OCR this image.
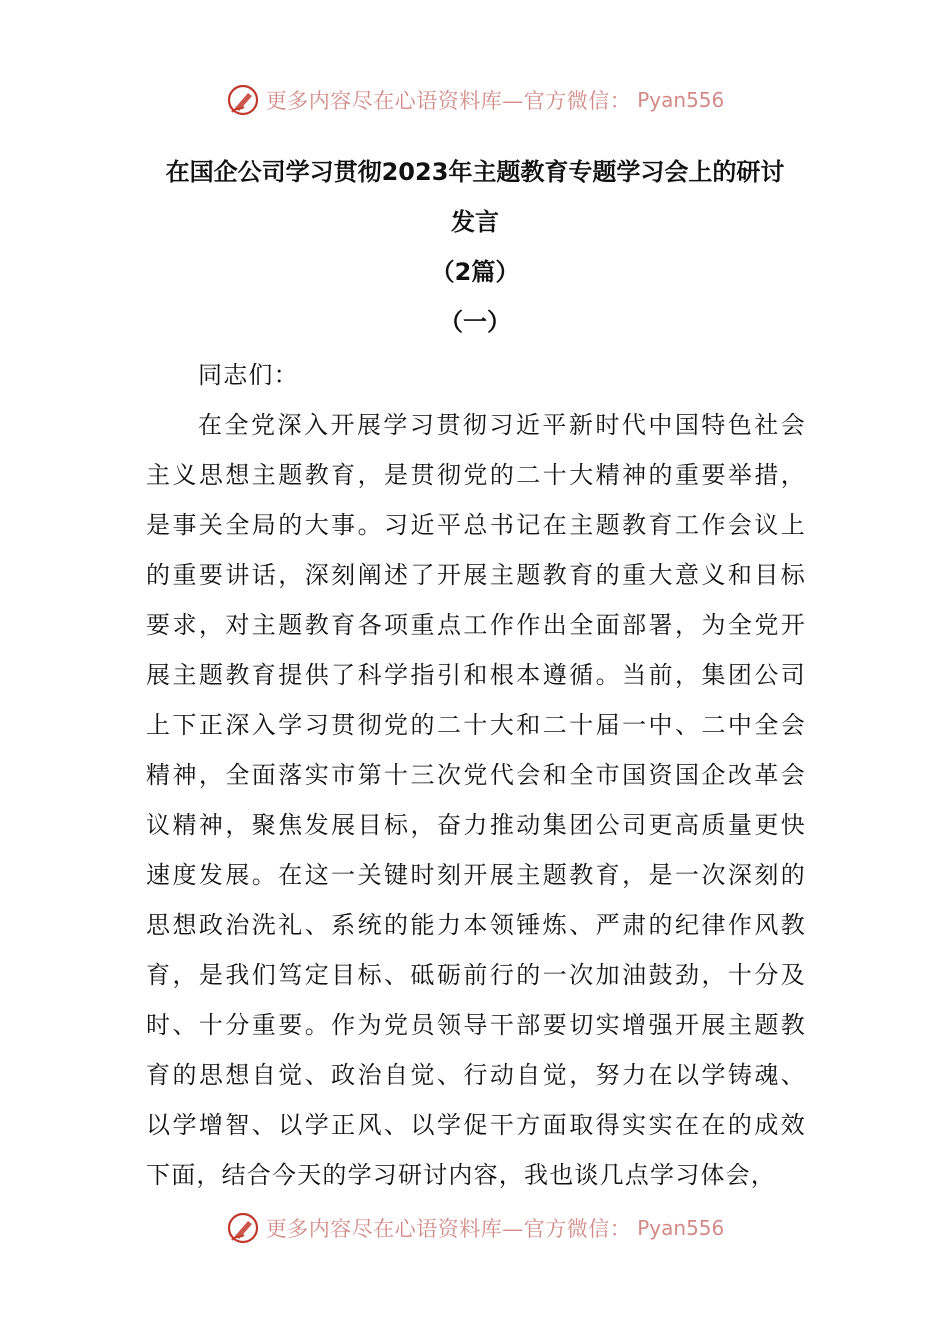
更多内容尽在心语资料库—官方微信： Pyan556
在国企公司学习贯彻2023年主题教育专题学习会上的研讨
发言
（2篇）
（一）
同志们：
在全党深入开展学习贯彻习近平新时代中国特色社会
主义思想主题教育，是贯彻党的二十大精神的重要举措，
是事关全局的大事。习近平总书记在主题教育工作会议上
的重要讲话，深刻阐述了开展主题教育的重大意义和目标
要求，对主题教育各项重点工作作出全面部署，为全党开
展主题教育提供了科学指引和根本遵循。当前，集团公司
上下正深入学习贯彻党的二十大和二十届一中、二中全会
精神，全面落实市第十三次党代会和全市国资国企改革会
议精神，聚焦发展目标，奋力推动集团公司更高质量更快
速度发展。在这一关键时刻开展主题教育，是一次深刻的
思想政治洗礼、系统的能力本领锤炼、严肃的纪律作风教
育，是我们笃定目标、砥砺前行的一次加油鼓劲，十分及
时、十分重要。作为党员领导干部要切实增强开展主题教
育的思想自觉、政治自觉、行动自觉，努力在以学铸魂、
以学增智、以学正风、以学促干方面取得实实在在的成效
下面，结合今天的学习研讨内容，我也谈几点学习体会，
更多内容尽在心语资料库—官方微信： Pyan556
